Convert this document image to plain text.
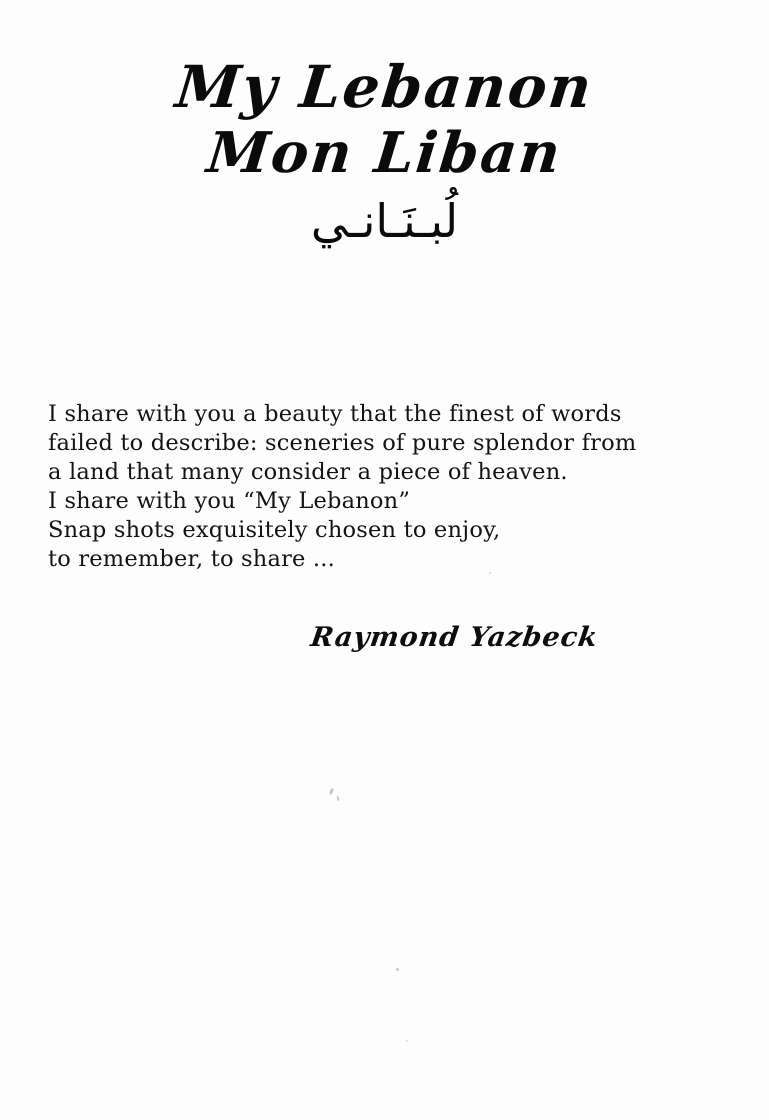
My Lebanon
Mon Liban
لُبـنَـانـي
I share with you a beauty that the finest of words
failed to describe: sceneries of pure splendor from
a land that many consider a piece of heaven.
I share with you “My Lebanon”
Snap shots exquisitely chosen to enjoy,
to remember, to share ...
Raymond Yazbeck
